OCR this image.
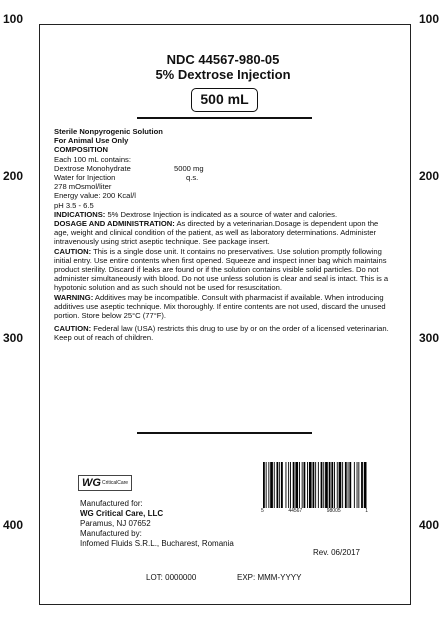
100	100
200	200
300	300
400	400
NDC 44567-980-05
5% Dextrose Injection
500 mL

Sterile Nonpyrogenic Solution

For Animal Use Only

COMPOSITION

Each 100 mL contains:

Dextrose Monohydrate	5000 mg
Water for Injection	q.s.

278 mOsmol/liter

Energy value: 200 Kcal/l

pH 3.5 - 6.5

INDICATIONS: 5% Dextrose Injection is indicated as a source of water and calories.

DOSAGE AND ADMINISTRATION: As directed by a veterinarian.Dosage is dependent upon the age, weight and clinical condition of the patient, as well as laboratory determinations. Administer intravenously using strict aseptic technique. See package insert.

CAUTION: This is a single dose unit. It contains no preservatives. Use solution promptly following initial entry. Use entire contents when first opened. Squeeze and inspect inner bag which maintains product sterility. Discard if leaks are found or if the solution contains visible solid particles. Do not administer simultaneously with blood. Do not use unless solution is clear and seal is intact. This is a hypotonic solution and as such should not be used for resuscitation.

WARNING: Additives may be incompatible. Consult with pharmacist if available. When introducing additives use aseptic technique. Mix thoroughly. If entire contents are not used, discard the unused portion. Store below 25°C (77°F).

CAUTION: Federal law (USA) restricts this drug to use by or on the order of a licensed veterinarian.

Keep out of reach of children.

WG CriticalCare
5	44567	98005	1
Manufactured for:
WG Critical Care, LLC
Paramus, NJ 07652
Manufactured by:
Infomed Fluids S.R.L., Bucharest, Romania
Rev. 06/2017
LOT: 0000000	EXP: MMM-YYYY
